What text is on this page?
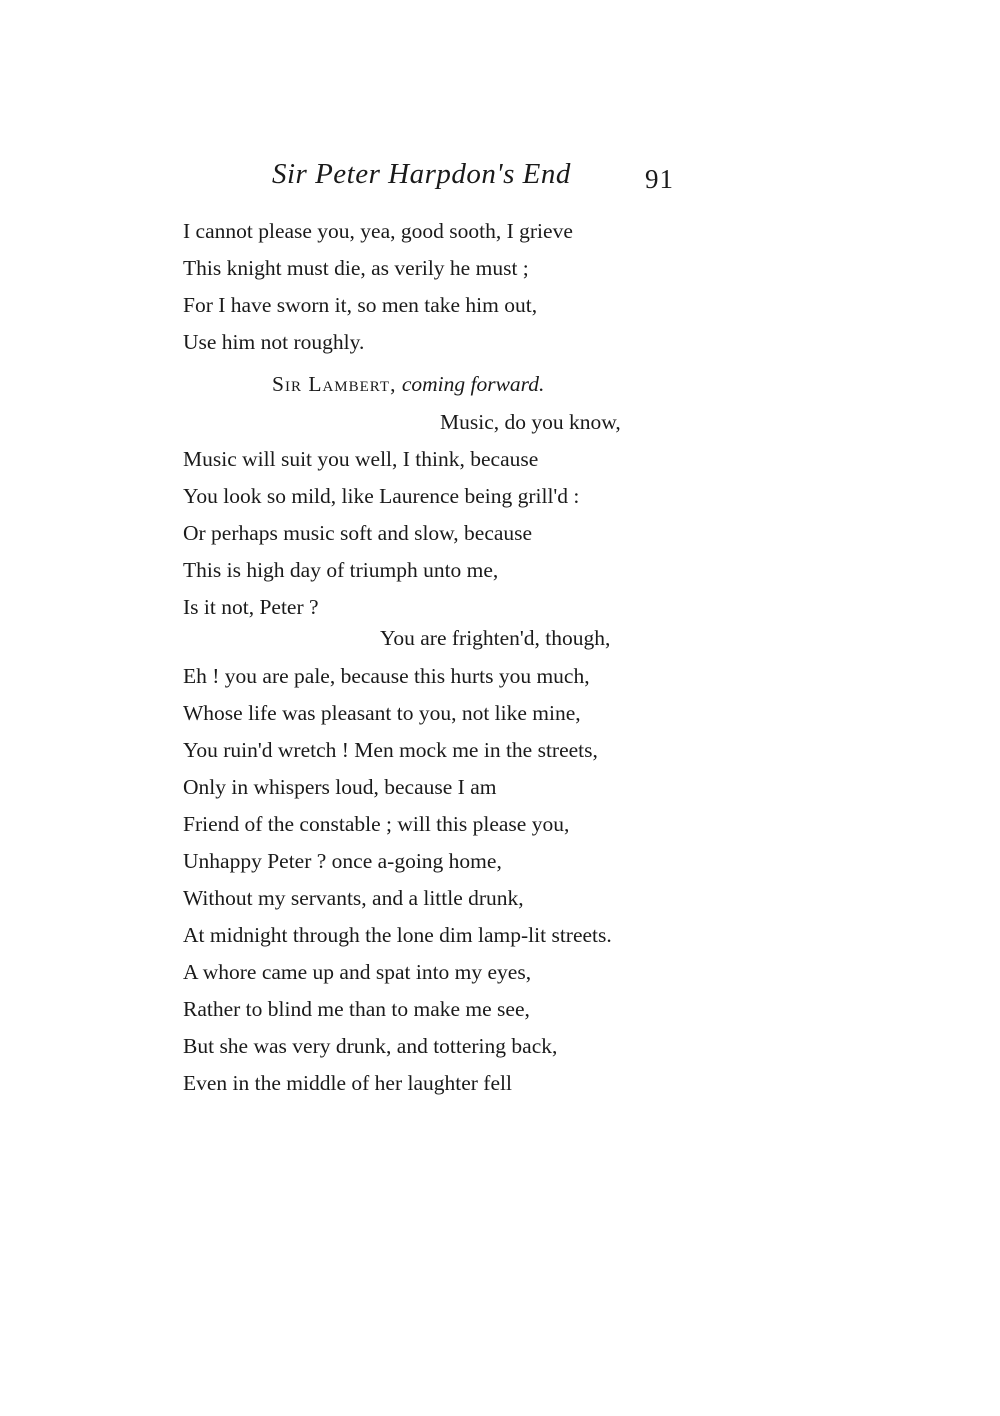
Sir Peter Harpdon's End	91
I cannot please you, yea, good sooth, I grieve
This knight must die, as verily he must ;
For I have sworn it, so men take him out,
Use him not roughly.
Sir Lambert, coming forward.
Music, do you know,
Music will suit you well, I think, because
You look so mild, like Laurence being grill'd :
Or perhaps music soft and slow, because
This is high day of triumph unto me,
Is it not, Peter ?
You are frighten'd, though,
Eh ! you are pale, because this hurts you much,
Whose life was pleasant to you, not like mine,
You ruin'd wretch ! Men mock me in the streets,
Only in whispers loud, because I am
Friend of the constable ; will this please you,
Unhappy Peter ? once a-going home,
Without my servants, and a little drunk,
At midnight through the lone dim lamp-lit streets.
A whore came up and spat into my eyes,
Rather to blind me than to make me see,
But she was very drunk, and tottering back,
Even in the middle of her laughter fell
